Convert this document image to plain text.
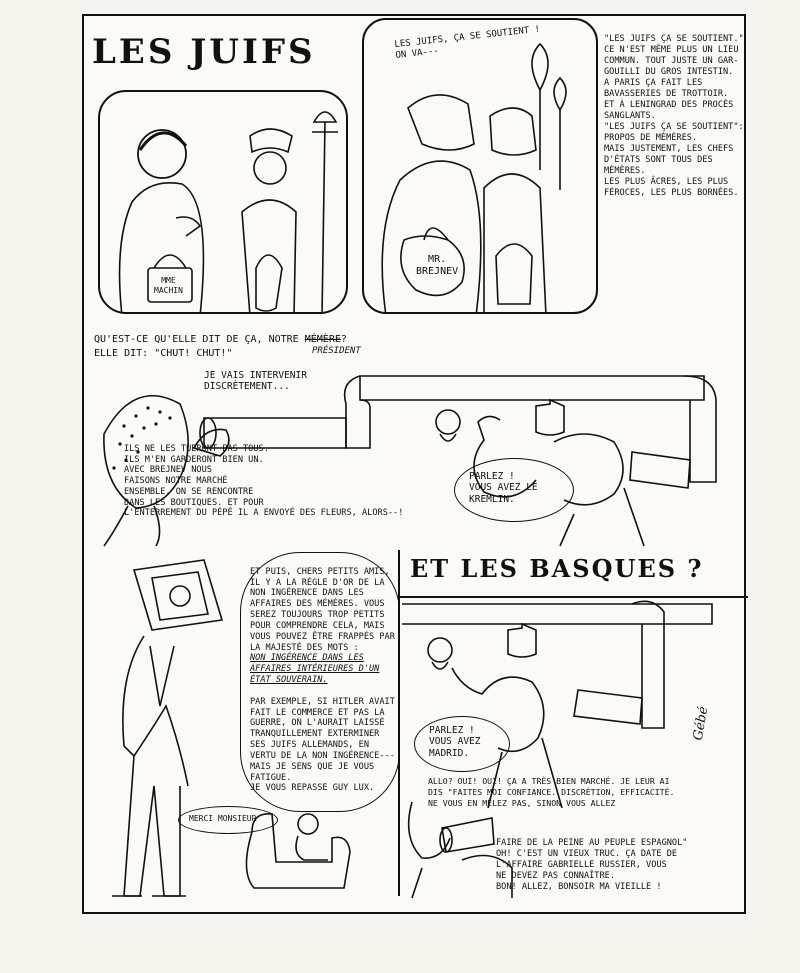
LES JUIFS
MME
MACHIN
LES JUIFS, ÇA SE SOUTIENT !
ON VA---
MR.
BREJNEV
"LES JUIFS ÇA SE SOUTIENT." CE N'EST MÊME PLUS UN LIEU COMMUN. TOUT JUSTE UN GAR-GOUILLI DU GROS INTESTIN.
A PARIS ÇA FAIT LES BAVASSERIES DE TROTTOIR.
ET À LENINGRAD DES PROCÈS SANGLANTS.
"LES JUIFS ÇA SE SOUTIENT": PROPOS DE MÉMÈRES.
MAIS JUSTEMENT, LES CHEFS D'ÉTATS SONT TOUS DES MÉMÈRES.
LES PLUS ÂCRES, LES PLUS FÉROCES, LES PLUS BORNÉES.
QU'EST-CE QU'ELLE DIT DE ÇA, NOTRE MÉMÈRE?
PRÉSIDENT
ELLE DIT: "CHUT! CHUT!"
JE VAIS INTERVENIR
DISCRÈTEMENT...
ILS NE LES TUERONT PAS TOUS.
ILS M'EN GARDERONT BIEN UN.
AVEC BREJNEV NOUS
FAISONS NOTRE MARCHÉ
ENSEMBLE, ON SE RENCONTRE
DANS LES BOUTIQUES. ET POUR
L'ENTERREMENT DU PÉPÉ IL A ENVOYÉ DES FLEURS, ALORS--!
PARLEZ !
VOUS AVEZ LE
KREMLIN.

ET PUIS, CHERS PETITS AMIS, IL Y A LA RÈGLE D'OR DE LA NON INGÉRENCE DANS LES AFFAIRES DES MÉMÈRES. VOUS SEREZ TOUJOURS TROP PETITS POUR COMPRENDRE CELA, MAIS VOUS POUVEZ ÊTRE FRAPPÉS PAR LA MAJESTÉ DES MOTS :

NON INGÉRENCE DANS LES AFFAIRES INTÉRIEURES D'UN ÉTAT SOUVERAIN.

PAR EXEMPLE, SI HITLER AVAIT FAIT LE COMMERCE ET PAS LA GUERRE, ON L'AURAIT LAISSÉ TRANQUILLEMENT EXTERMINER SES JUIFS ALLEMANDS, EN VERTU DE LA NON INGÉRENCE---
MAIS JE SENS QUE JE VOUS FATIGUE.
JE VOUS REPASSE GUY LUX.

MERCI MONSIEUR
ET LES BASQUES ?
PARLEZ !
VOUS AVEZ
MADRID.
Gébé
ALLO? OUI! OUI! ÇA A TRÈS BIEN MARCHÉ. JE LEUR AI
DIS "FAITES MOI CONFIANCE. DISCRÉTION, EFFICACITÉ.
NE VOUS EN MÊLEZ PAS, SINON VOUS ALLEZ
FAIRE DE LA PEINE AU PEUPLE ESPAGNOL"
OH! C'EST UN VIEUX TRUC. ÇA DATE DE
L'AFFAIRE GABRIELLE RUSSIER, VOUS
NE DEVEZ PAS CONNAÎTRE.
BON! ALLEZ, BONSOIR MA VIEILLE !
